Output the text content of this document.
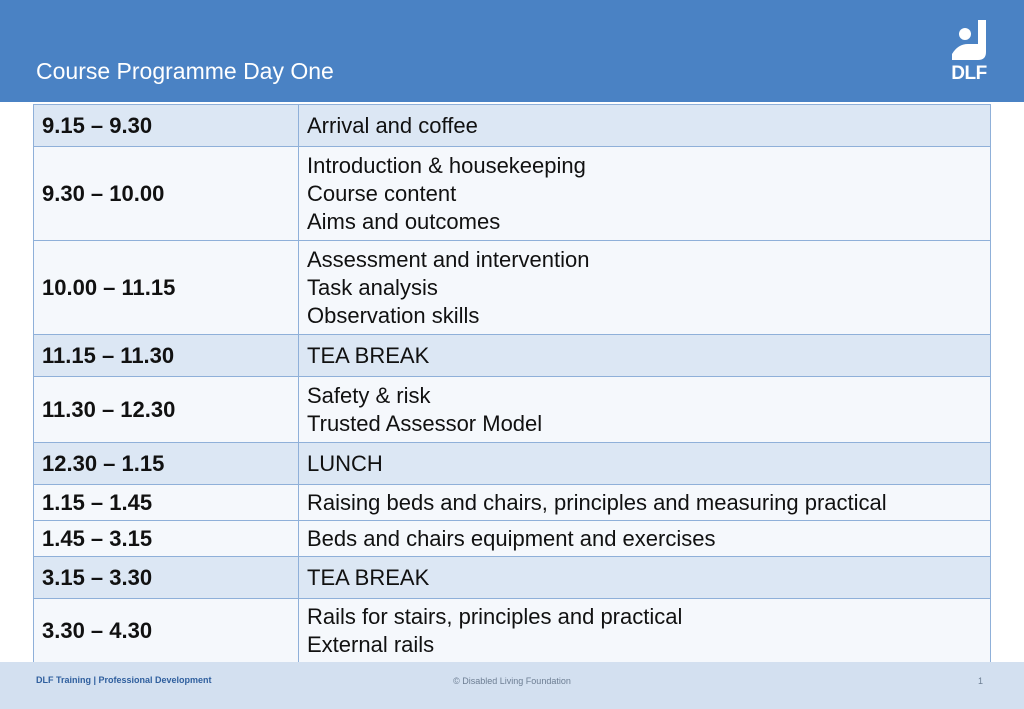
Course Programme Day One	DLF
9.15 – 9.30	Arrival and coffee

9.30 – 10.00	Introduction & housekeeping
Course content
Aims and outcomes

10.00 – 11.15	Assessment and intervention
Task analysis
Observation skills

11.15 – 11.30	TEA BREAK

11.30 – 12.30	Safety & risk
Trusted Assessor Model

12.30 – 1.15	LUNCH

1.15 – 1.45	Raising beds and chairs, principles and measuring practical

1.45 – 3.15	Beds and chairs equipment and exercises

3.15 – 3.30	TEA BREAK

3.30 – 4.30	Rails for stairs, principles and practical
External rails
DLF Training | Professional Development	© Disabled Living Foundation	1
